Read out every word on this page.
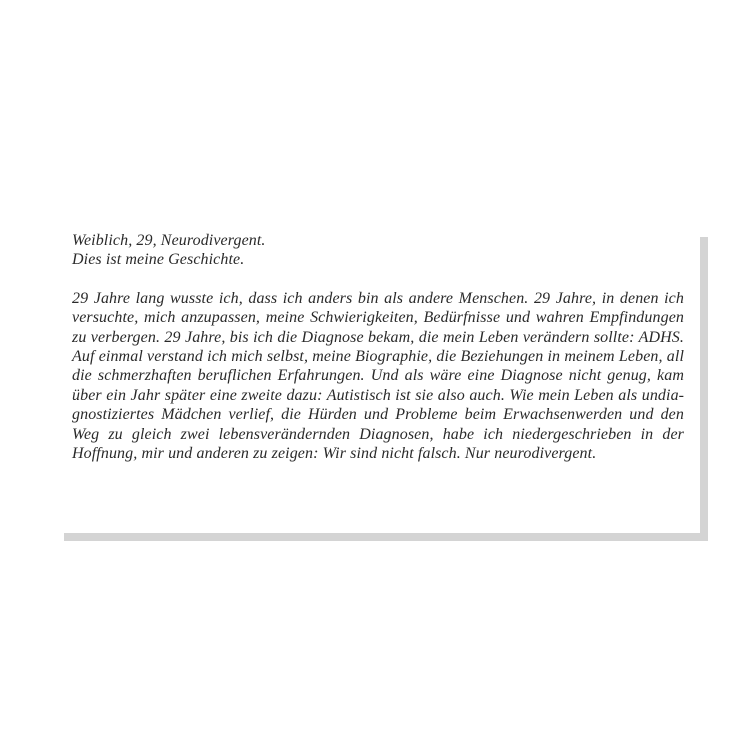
Weiblich, 29, Neurodivergent.

Dies ist meine Geschichte.

29 Jahre lang wusste ich, dass ich anders bin als andere Menschen. 29 Jahre, in denen ich versuchte, mich anzupassen, meine Schwierigkeiten, Bedürfnisse und wahren Empfindungen zu verbergen. 29 Jahre, bis ich die Diagnose bekam, die mein Leben verändern sollte: ADHS. Auf einmal verstand ich mich selbst, meine Biographie, die Beziehungen in meinem Leben, all die schmerzhaften beruflichen Erfahrungen. Und als wäre eine Diagnose nicht genug, kam über ein Jahr später eine zweite dazu: Autistisch ist sie also auch. Wie mein Leben als undiagnostiziertes Mädchen verlief, die Hürden und Probleme beim Erwachsenwerden und den Weg zu gleich zwei lebensverändernden Diagnosen, habe ich niedergeschrieben in der Hoffnung, mir und anderen zu zeigen: Wir sind nicht falsch. Nur neurodivergent.
